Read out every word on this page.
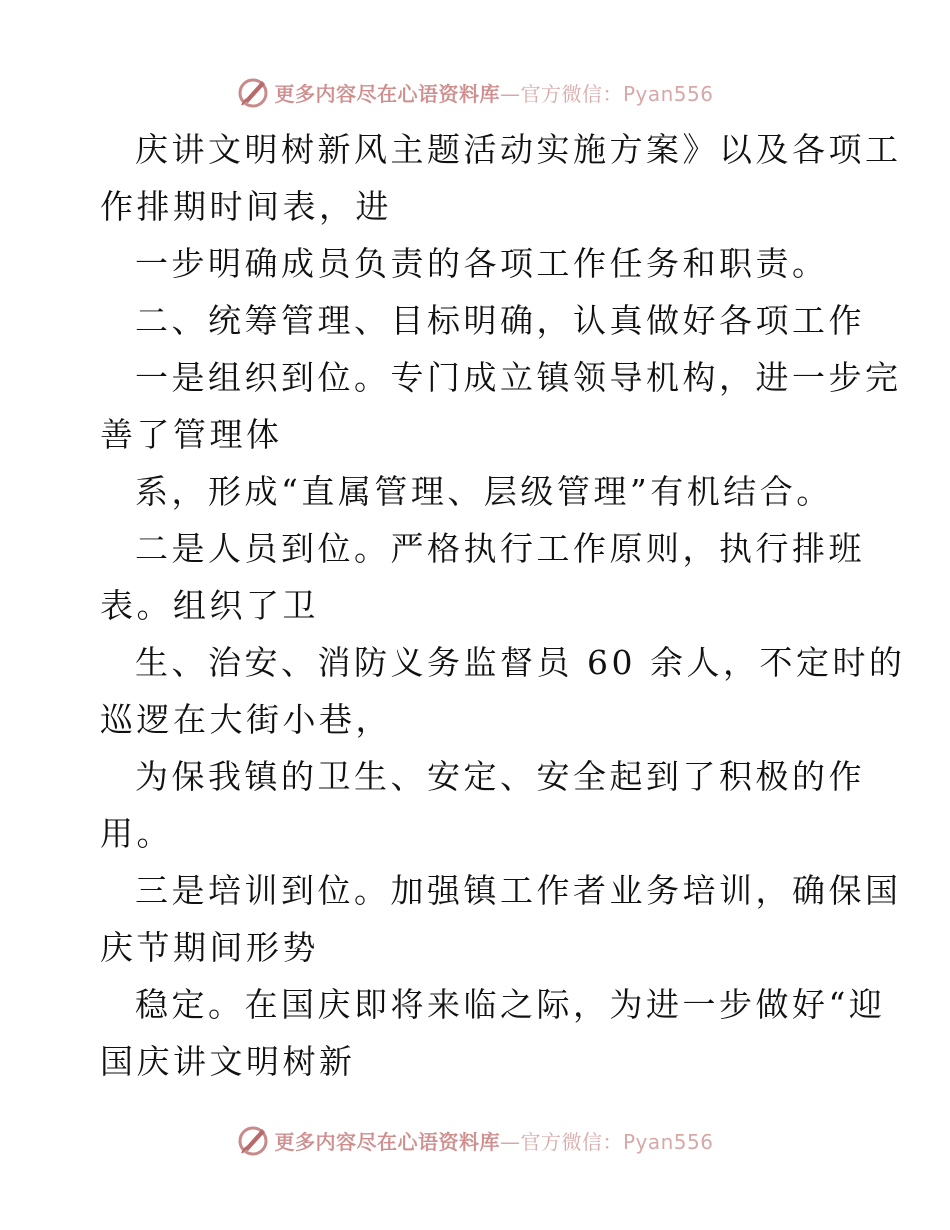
更多内容尽在心语资料库—官方微信：Pyan556
庆讲文明树新风主题活动实施方案》以及各项工
作排期时间表，进
一步明确成员负责的各项工作任务和职责。
二、统筹管理、目标明确，认真做好各项工作
一是组织到位。专门成立镇领导机构，进一步完
善了管理体
系，形成“直属管理、层级管理”有机结合。
二是人员到位。严格执行工作原则，执行排班
表。组织了卫
生、治安、消防义务监督员 60 余人，不定时的
巡逻在大街小巷，
为保我镇的卫生、安定、安全起到了积极的作
用。
三是培训到位。加强镇工作者业务培训，确保国
庆节期间形势
稳定。在国庆即将来临之际，为进一步做好“迎
国庆讲文明树新
更多内容尽在心语资料库—官方微信：Pyan556
